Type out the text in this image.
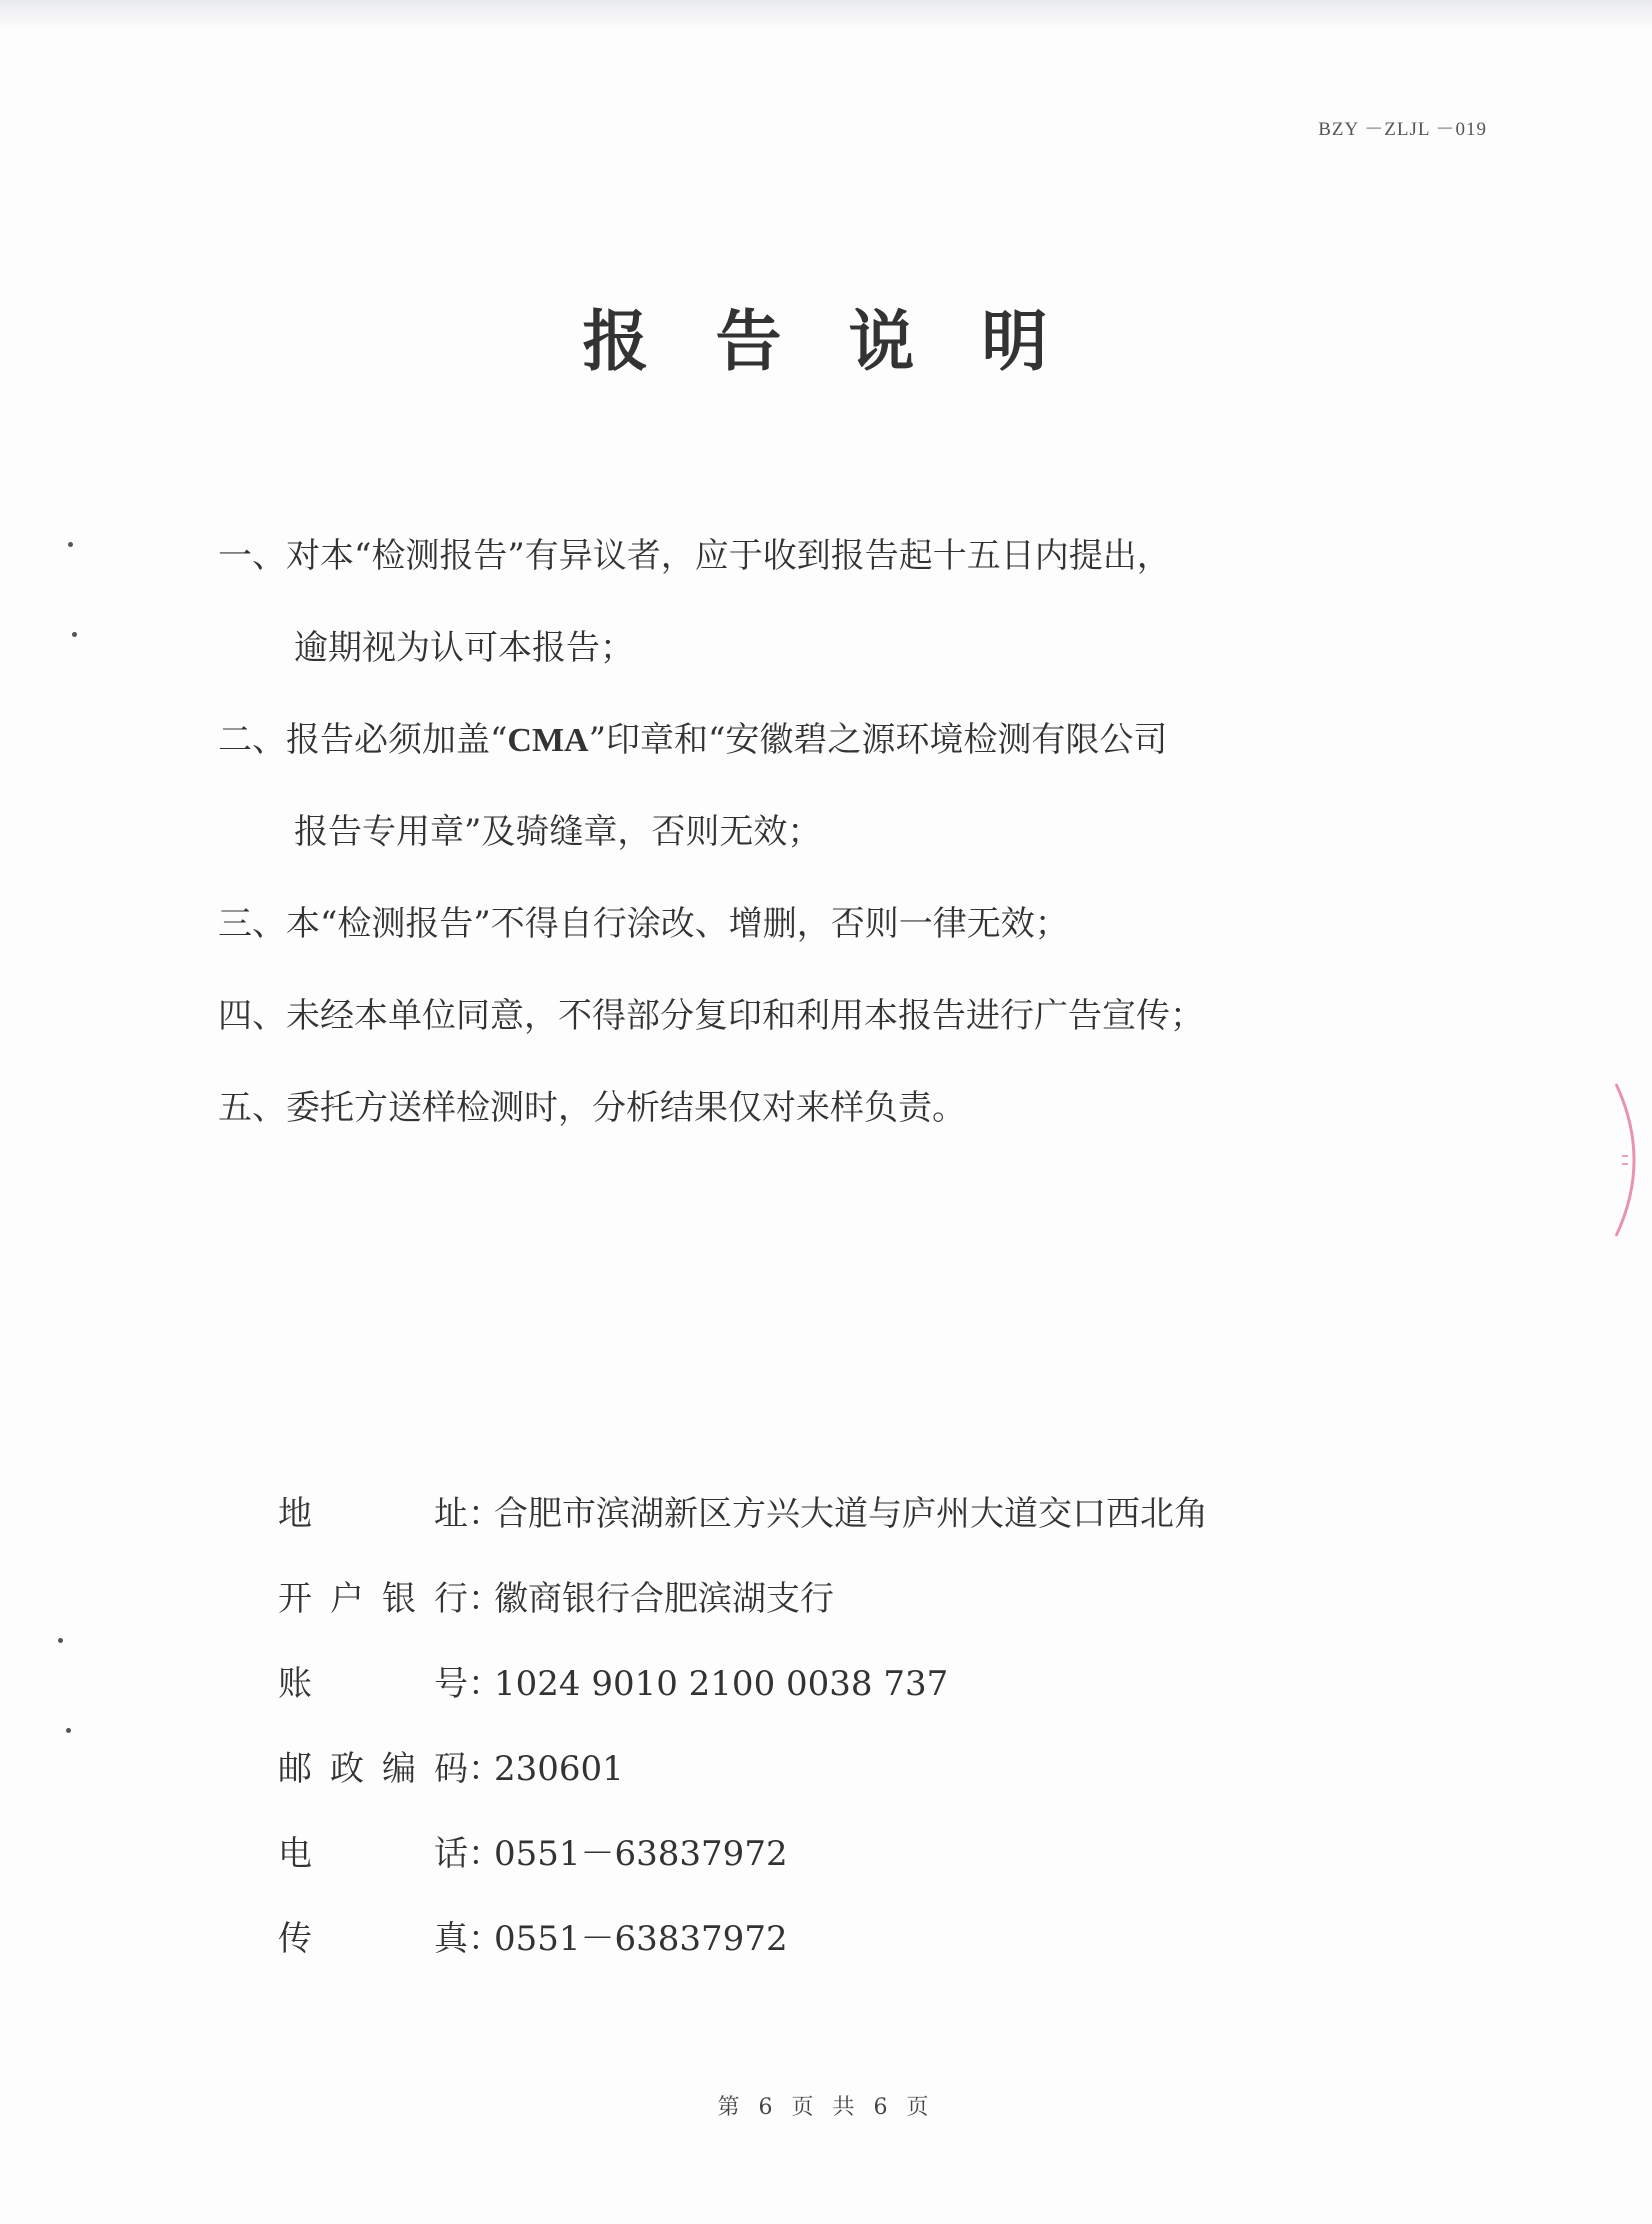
BZY －ZLJL －019
报 告 说 明
一、对本“检测报告”有异议者，应于收到报告起十五日内提出，
逾期视为认可本报告；
二、报告必须加盖“CMA”印章和“安徽碧之源环境检测有限公司
报告专用章”及骑缝章，否则无效；
三、本“检测报告”不得自行涂改、增删，否则一律无效；
四、未经本单位同意，不得部分复印和利用本报告进行广告宣传；
五、委托方送样检测时，分析结果仅对来样负责。
地址 ：
合肥市滨湖新区方兴大道与庐州大道交口西北角
开户银行 ：
徽商银行合肥滨湖支行
账号 ：
1024 9010 2100 0038 737
邮政编码 ：
230601
电话 ：
0551－63837972
传真 ：
0551－63837972
第 6 页 共 6 页
